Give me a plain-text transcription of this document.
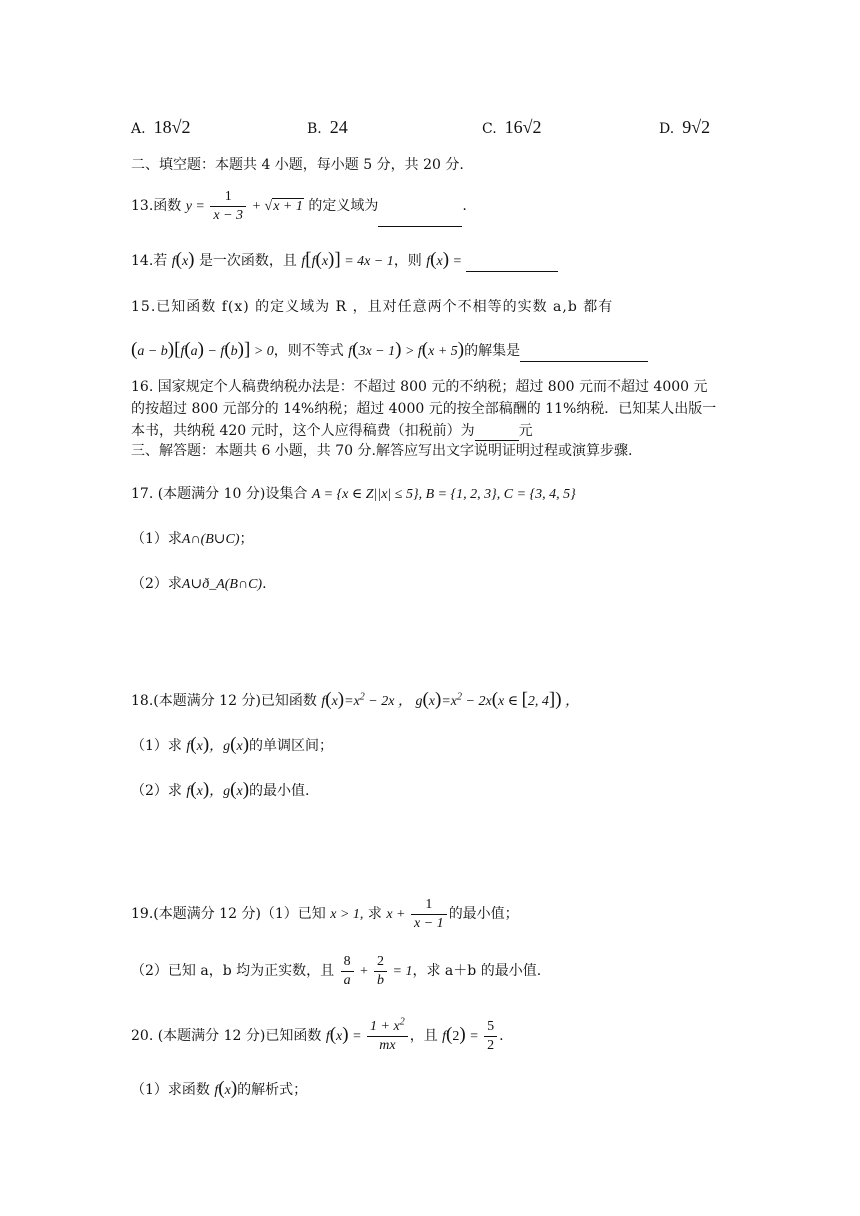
A. 18√2	B. 24	C. 16√2	D. 9√2
二、填空题：本题共 4 小题，每小题 5 分，共 20 分.
13.函数 $y = \frac{1}{x - 3} + √x + 1$ 的定义域为	.
14.若 f(x) 是一次函数，且 f[f(x)] = 4x − 1，则 f(x) =
15.已知函数 f(x) 的定义域为 R ，且对任意两个不相等的实数 a,b 都有
(a − b)[f(a) − f(b)] > 0，则不等式 f(3x − 1) > f(x + 5)的解集是
16. 国家规定个人稿费纳税办法是：不超过 800 元的不纳税；超过 800 元而不超过 4000 元
的按超过 800 元部分的 14%纳税；超过 4000 元的按全部稿酬的 11%纳税．已知某人出版一
本书，共纳税 420 元时，这个人应得稿费（扣税前）为	元
三、解答题：本题共 6 小题，共 70 分.解答应写出文字说明证明过程或演算步骤.
17. (本题满分 10 分)设集合 A = {x ∈ Z||x| ≤ 5}, B = {1, 2, 3}, C = {3, 4, 5}
（1）求A∩(B∪C)；
（2）求A∪ð_A(B∩C).
18.(本题满分 12 分)已知函数 $f(x)=x^2 - 2x$ ， $g(x)=x^2 - 2x(x$ ∈ [2, 4]) ，
（1）求 f(x)，g(x)的单调区间；
（2）求 f(x)，g(x)的最小值.
19.(本题满分 12 分)（1）已知 x > 1, 求 $x + \frac{1}{x - 1}$ 的最小值；
（2）已知 a，b 均为正实数，且 $\frac{8}{a} + \frac{2}{b} = 1$，求 a＋b 的最小值.
20. (本题满分 12 分)已知函数 $f(x) = \frac{1 + x^2}{mx}$ ，且 $f(2) = \frac{5}{2}$ .
（1）求函数 f(x)的解析式；
